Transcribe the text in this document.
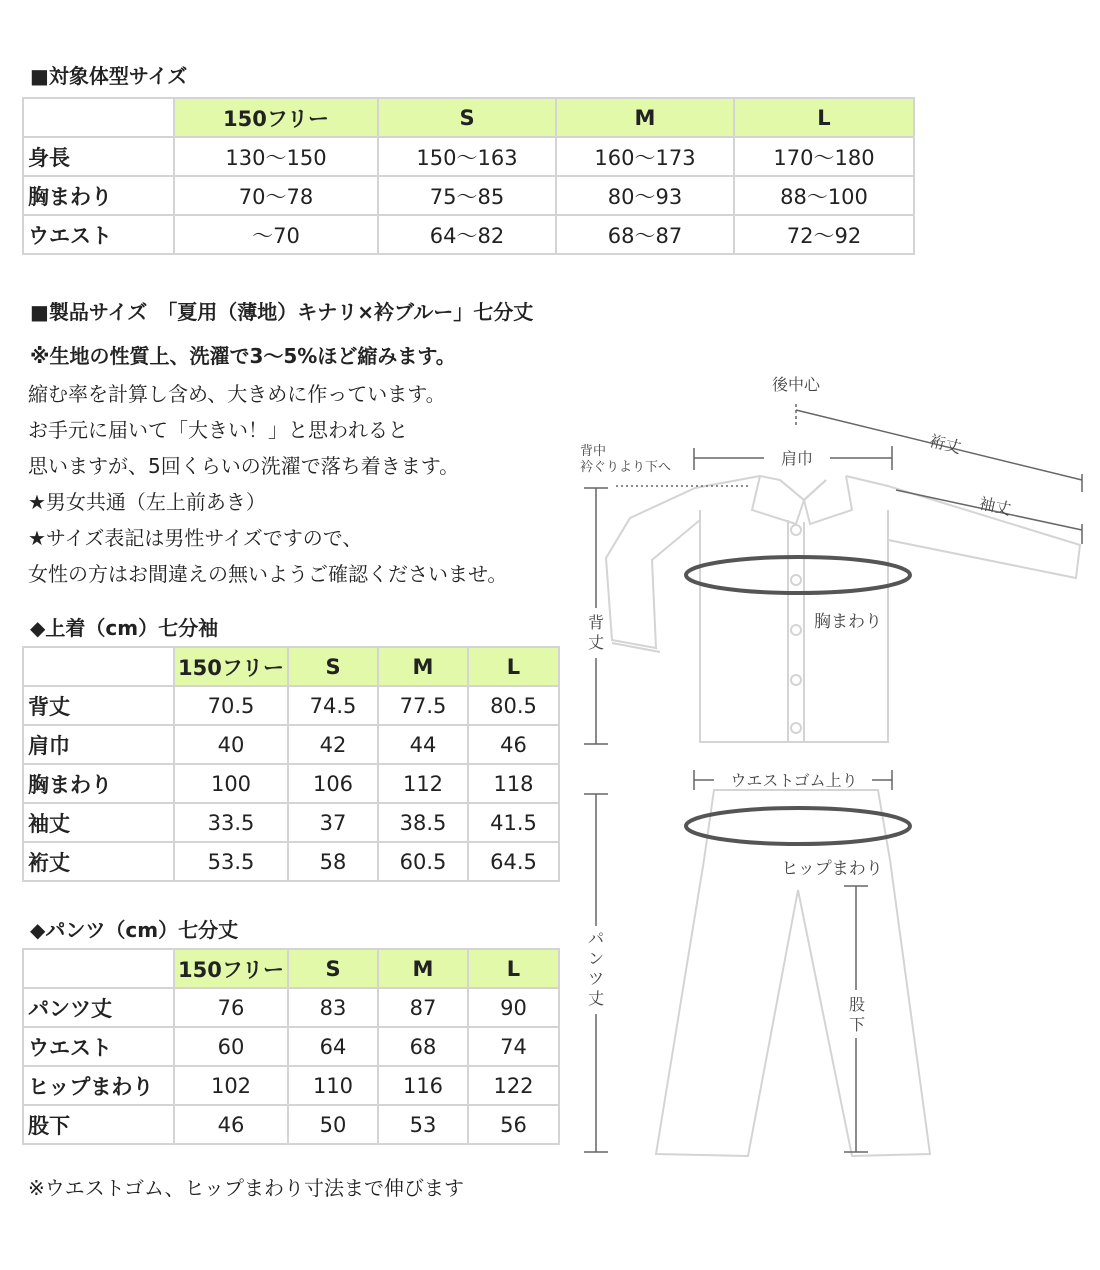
■対象体型サイズ
	150フリー	S	M	L
身長	130～150	150～163	160～173	170～180
胸まわり	70～78	75～85	80～93	88～100
ウエスト	～70	64～82	68～87	72～92
■製品サイズ　「夏用（薄地）キナリ×衿ブルー」七分丈
※生地の性質上、洗濯で3～5%ほど縮みます。
縮む率を計算し含め、大きめに作っています。
お手元に届いて「大きい！」と思われると
思いますが、5回くらいの洗濯で落ち着きます。
★男女共通（左上前あき）
★サイズ表記は男性サイズですので、
女性の方はお間違えの無いようご確認くださいませ。
◆上着（cm）七分袖
	150フリー	S	M	L
背丈	70.5	74.5	77.5	80.5
肩巾	40	42	44	46
胸まわり	100	106	112	118
袖丈	33.5	37	38.5	41.5
裄丈	53.5	58	60.5	64.5
◆パンツ（cm）七分丈
	150フリー	S	M	L
パンツ丈	76	83	87	90
ウエスト	60	64	68	74
ヒップまわり	102	110	116	122
股下	46	50	53	56
※ウエストゴム、ヒップまわり寸法まで伸びます
後中心
背中
衿ぐりより下へ	肩巾
裄丈
袖丈
背
丈
胸まわり
ウエストゴム上り
ヒップまわり
パ
ン
ツ
丈	股
下
